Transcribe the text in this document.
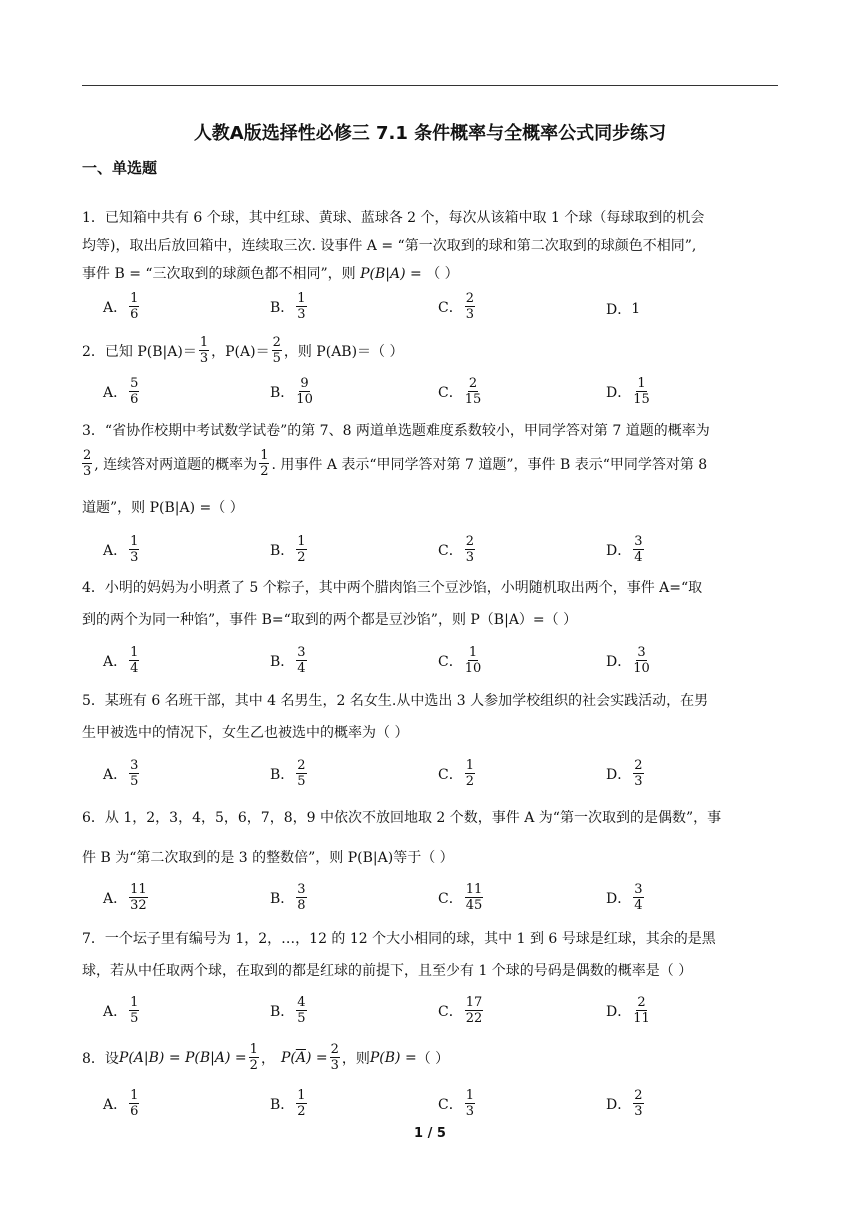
人教A版选择性必修三 7.1 条件概率与全概率公式同步练习
一、单选题
1．已知箱中共有 6 个球，其中红球、黄球、蓝球各 2 个，每次从该箱中取 1 个球（每球取到的机会
均等)，取出后放回箱中，连续取三次. 设事件 A = “第一次取到的球和第二次取到的球颜色不相同”,
事件 B = “三次取到的球颜色都不相同”，则 P(B|A) = （ ）
A． $\frac{1}{6}$	B． $\frac{1}{3}$	C． $\frac{2}{3}$	D．1
2．已知 $P(B|A)= \frac{1}{3}$ ，$P(A)= \frac{2}{5}$ ，则 P(AB)＝（ ）
A． $\frac{5}{6}$	B． $\frac{9}{10}$	C． $\frac{2}{15}$	D． $\frac{1}{15}$
3．“省协作校期中考试数学试卷”的第 7、8 两道单选题难度系数较小，甲同学答对第 7 道题的概率为
$\frac{2}{3}$ , 连续答对两道题的概率为 $\frac{1}{2}$ . 用事件 A 表示“甲同学答对第 7 道题”，事件 B 表示“甲同学答对第 8
道题”，则 P(B|A) =（ ）
A． $\frac{1}{3}$	B． $\frac{1}{2}$	C． $\frac{2}{3}$	D． $\frac{3}{4}$
4．小明的妈妈为小明煮了 5 个粽子，其中两个腊肉馅三个豆沙馅，小明随机取出两个，事件 A=“取
到的两个为同一种馅”，事件 B=“取到的两个都是豆沙馅”，则 P（B|A）=（ ）
A． $\frac{1}{4}$	B． $\frac{3}{4}$	C． $\frac{1}{10}$	D． $\frac{3}{10}$
5．某班有 6 名班干部，其中 4 名男生，2 名女生.从中选出 3 人参加学校组织的社会实践活动，在男
生甲被选中的情况下，女生乙也被选中的概率为（ ）
A． $\frac{3}{5}$	B． $\frac{2}{5}$	C． $\frac{1}{2}$	D． $\frac{2}{3}$
6．从 1，2，3，4，5，6，7，8，9 中依次不放回地取 2 个数，事件 A 为“第一次取到的是偶数”，事
件 B 为“第二次取到的是 3 的整数倍”，则 P(B|A)等于（ ）
A． $\frac{11}{32}$	B． $\frac{3}{8}$	C． $\frac{11}{45}$	D． $\frac{3}{4}$
7．一个坛子里有编号为 1，2，…，12 的 12 个大小相同的球，其中 1 到 6 号球是红球，其余的是黑
球，若从中任取两个球，在取到的都是红球的前提下，且至少有 1 个球的号码是偶数的概率是（ ）
A． $\frac{1}{5}$	B． $\frac{4}{5}$	C． $\frac{17}{22}$	D． $\frac{2}{11}$
8．设$P(A|B) = P(B|A) = \frac{1}{2}$ ， $P(\overline{A}) = \frac{2}{3}$ ，则P(B) =（ ）
A． $\frac{1}{6}$	B． $\frac{1}{2}$	C． $\frac{1}{3}$	D． $\frac{2}{3}$
1 / 5
